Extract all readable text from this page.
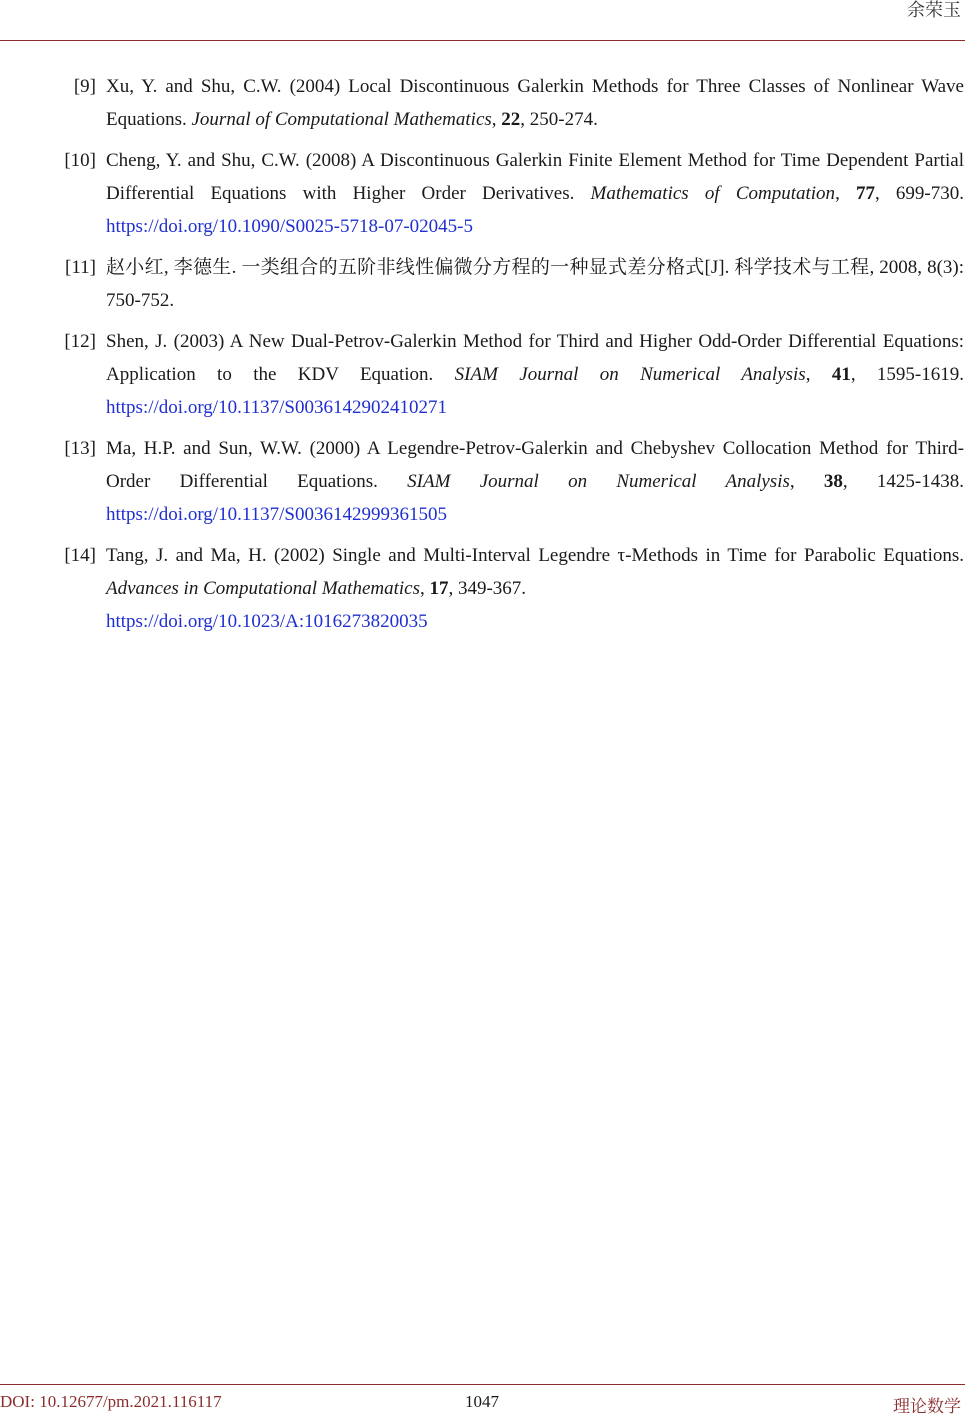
余荣玉
[9] Xu, Y. and Shu, C.W. (2004) Local Discontinuous Galerkin Methods for Three Classes of Nonlinear Wave Equations. Journal of Computational Mathematics, 22, 250-274.
[10] Cheng, Y. and Shu, C.W. (2008) A Discontinuous Galerkin Finite Element Method for Time Dependent Partial Differential Equations with Higher Order Derivatives. Mathematics of Computation, 77, 699-730. https://doi.org/10.1090/S0025-5718-07-02045-5
[11] 赵小红, 李德生. 一类组合的五阶非线性偏微分方程的一种显式差分格式[J]. 科学技术与工程, 2008, 8(3): 750-752.
[12] Shen, J. (2003) A New Dual-Petrov-Galerkin Method for Third and Higher Odd-Order Differential Equations: Application to the KDV Equation. SIAM Journal on Numerical Analysis, 41, 1595-1619. https://doi.org/10.1137/S0036142902410271
[13] Ma, H.P. and Sun, W.W. (2000) A Legendre-Petrov-Galerkin and Chebyshev Collocation Method for Third-Order Differential Equations. SIAM Journal on Numerical Analysis, 38, 1425-1438. https://doi.org/10.1137/S0036142999361505
[14] Tang, J. and Ma, H. (2002) Single and Multi-Interval Legendre τ-Methods in Time for Parabolic Equations. Advances in Computational Mathematics, 17, 349-367.
https://doi.org/10.1023/A:1016273820035
DOI: 10.12677/pm.2021.116117	1047	理论数学
